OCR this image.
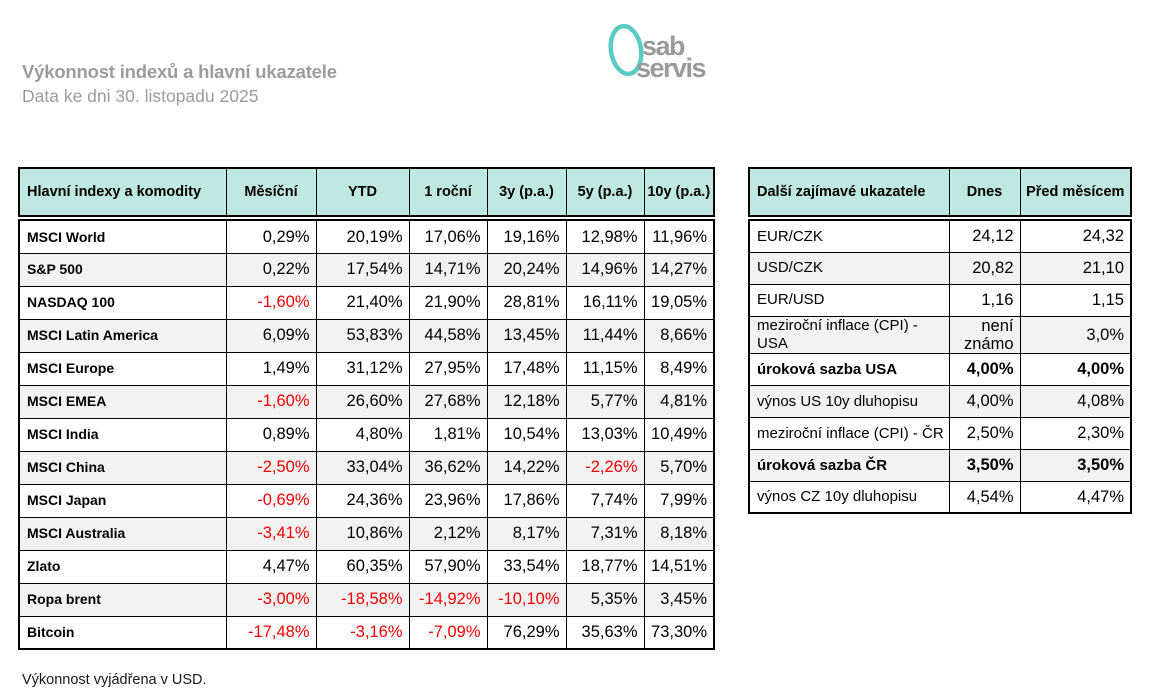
Výkonnost indexů a hlavní ukazatele
Data ke dni 30. listopadu 2025
sab
servis
Hlavní indexy a komodity	Měsíční	YTD	1 roční	3y (p.a.)	5y (p.a.)	10y (p.a.)
MSCI World	0,29%	20,19%	17,06%	19,16%	12,98%	11,96%
S&P 500	0,22%	17,54%	14,71%	20,24%	14,96%	14,27%
NASDAQ 100	-1,60%	21,40%	21,90%	28,81%	16,11%	19,05%
MSCI Latin America	6,09%	53,83%	44,58%	13,45%	11,44%	8,66%
MSCI Europe	1,49%	31,12%	27,95%	17,48%	11,15%	8,49%
MSCI EMEA	-1,60%	26,60%	27,68%	12,18%	5,77%	4,81%
MSCI India	0,89%	4,80%	1,81%	10,54%	13,03%	10,49%
MSCI China	-2,50%	33,04%	36,62%	14,22%	-2,26%	5,70%
MSCI Japan	-0,69%	24,36%	23,96%	17,86%	7,74%	7,99%
MSCI Australia	-3,41%	10,86%	2,12%	8,17%	7,31%	8,18%
Zlato	4,47%	60,35%	57,90%	33,54%	18,77%	14,51%
Ropa brent	-3,00%	-18,58%	-14,92%	-10,10%	5,35%	3,45%
Bitcoin	-17,48%	-3,16%	-7,09%	76,29%	35,63%	73,30%
Další zajímavé ukazatele	Dnes	Před měsícem
EUR/CZK	24,12	24,32
USD/CZK	20,82	21,10
EUR/USD	1,16	1,15
meziroční inflace (CPI) - USA	není známo	3,0%
úroková sazba USA	4,00%	4,00%
výnos US 10y dluhopisu	4,00%	4,08%
meziroční inflace (CPI) - ČR	2,50%	2,30%
úroková sazba ČR	3,50%	3,50%
výnos CZ 10y dluhopisu	4,54%	4,47%
Výkonnost vyjádřena v USD.
